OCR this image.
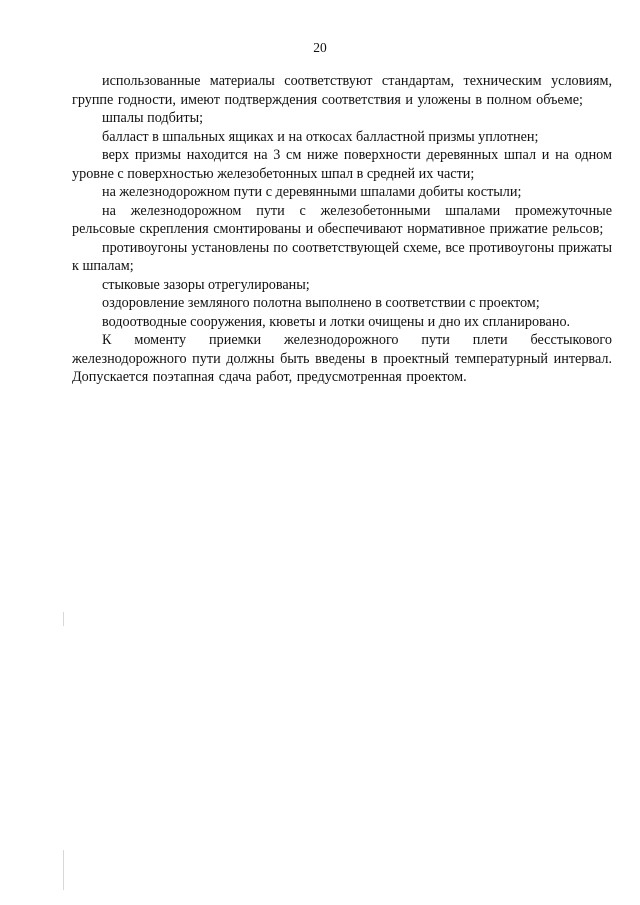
20

использованные материалы соответствуют стандартам, техническим условиям, группе годности, имеют подтверждения соответствия и уложены в полном объеме;

шпалы подбиты;

балласт в шпальных ящиках и на откосах балластной призмы уплотнен;

верх призмы находится на 3 см ниже поверхности деревянных шпал и на одном уровне с поверхностью железобетонных шпал в средней их части;

на железнодорожном пути с деревянными шпалами добиты костыли;

на железнодорожном пути с железобетонными шпалами промежуточные рельсовые скрепления смонтированы и обеспечивают нормативное прижатие рельсов;

противоугоны установлены по соответствующей схеме, все противоугоны прижаты к шпалам;

стыковые зазоры отрегулированы;

оздоровление земляного полотна выполнено в соответствии с проектом;

водоотводные сооружения, кюветы и лотки очищены и дно их спланировано.

К моменту приемки железнодорожного пути плети бесстыкового железнодорожного пути должны быть введены в проектный температурный интервал. Допускается поэтапная сдача работ, предусмотренная проектом.
